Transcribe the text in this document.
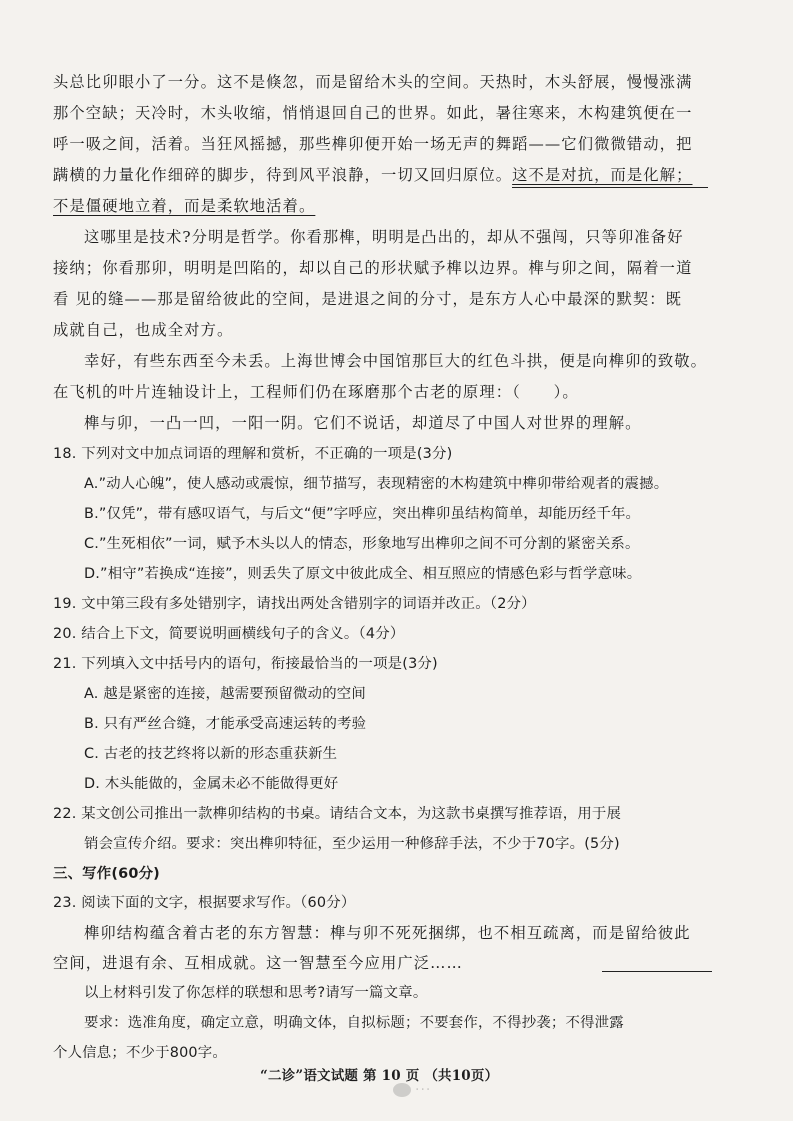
头总比卯眼小了一分。这不是倏忽，而是留给木头的空间。天热时，木头舒展，慢慢涨满
那个空缺；天冷时，木头收缩，悄悄退回自己的世界。如此，暑往寒来，木构建筑便在一
呼一吸之间，活着。当狂风摇撼，那些榫卯便开始一场无声的舞蹈——它们微微错动，把
蹒横的力量化作细碎的脚步，待到风平浪静，一切又回归原位。这不是对抗，而是化解；
不是僵硬地立着，而是柔软地活着。
这哪里是技术?分明是哲学。你看那榫，明明是凸出的，却从不强闯，只等卯准备好
接纳；你看那卯，明明是凹陷的，却以自己的形状赋予榫以边界。榫与卯之间，隔着一道
看 见的缝——那是留给彼此的空间，是进退之间的分寸，是东方人心中最深的默契：既
成就自己，也成全对方。
幸好，有些东西至今未丢。上海世博会中国馆那巨大的红色斗拱，便是向榫卯的致敬。
在飞机的叶片连轴设计上，工程师们仍在琢磨那个古老的原理：（　　）。
榫与卯，一凸一凹，一阳一阴。它们不说话，却道尽了中国人对世界的理解。
18. 下列对文中加点词语的理解和赏析，不正确的一项是(3分)
A.”动人心魄”，使人感动或震惊，细节描写，表现精密的木构建筑中榫卯带给观者的震撼。
B.”仅凭”，带有感叹语气，与后文“便”字呼应，突出榫卯虽结构简单，却能历经千年。
C.”生死相依”一词，赋予木头以人的情态，形象地写出榫卯之间不可分割的紧密关系。
D.”相守”若换成“连接”，则丢失了原文中彼此成全、相互照应的情感色彩与哲学意味。
19. 文中第三段有多处错别字，请找出两处含错别字的词语并改正。（2分）
20. 结合上下文，简要说明画横线句子的含义。（4分）
21. 下列填入文中括号内的语句，衔接最恰当的一项是(3分)
A. 越是紧密的连接，越需要预留微动的空间
B. 只有严丝合缝，才能承受高速运转的考验
C. 古老的技艺终将以新的形态重获新生
D. 木头能做的，金属未必不能做得更好
22. 某文创公司推出一款榫卯结构的书桌。请结合文本，为这款书桌撰写推荐语，用于展
销会宣传介绍。要求：突出榫卯特征，至少运用一种修辞手法，不少于70字。(5分)
三、写作(60分)
23. 阅读下面的文字，根据要求写作。（60分）
榫卯结构蕴含着古老的东方智慧：榫与卯不死死捆绑，也不相互疏离，而是留给彼此
空间，进退有余、互相成就。这一智慧至今应用广泛……
以上材料引发了你怎样的联想和思考?请写一篇文章。
要求：选准角度，确定立意，明确文体，自拟标题；不要套作，不得抄袭；不得泄露
个人信息；不少于800字。
“二诊”语文试题 第 10 页 （共10页）
···
